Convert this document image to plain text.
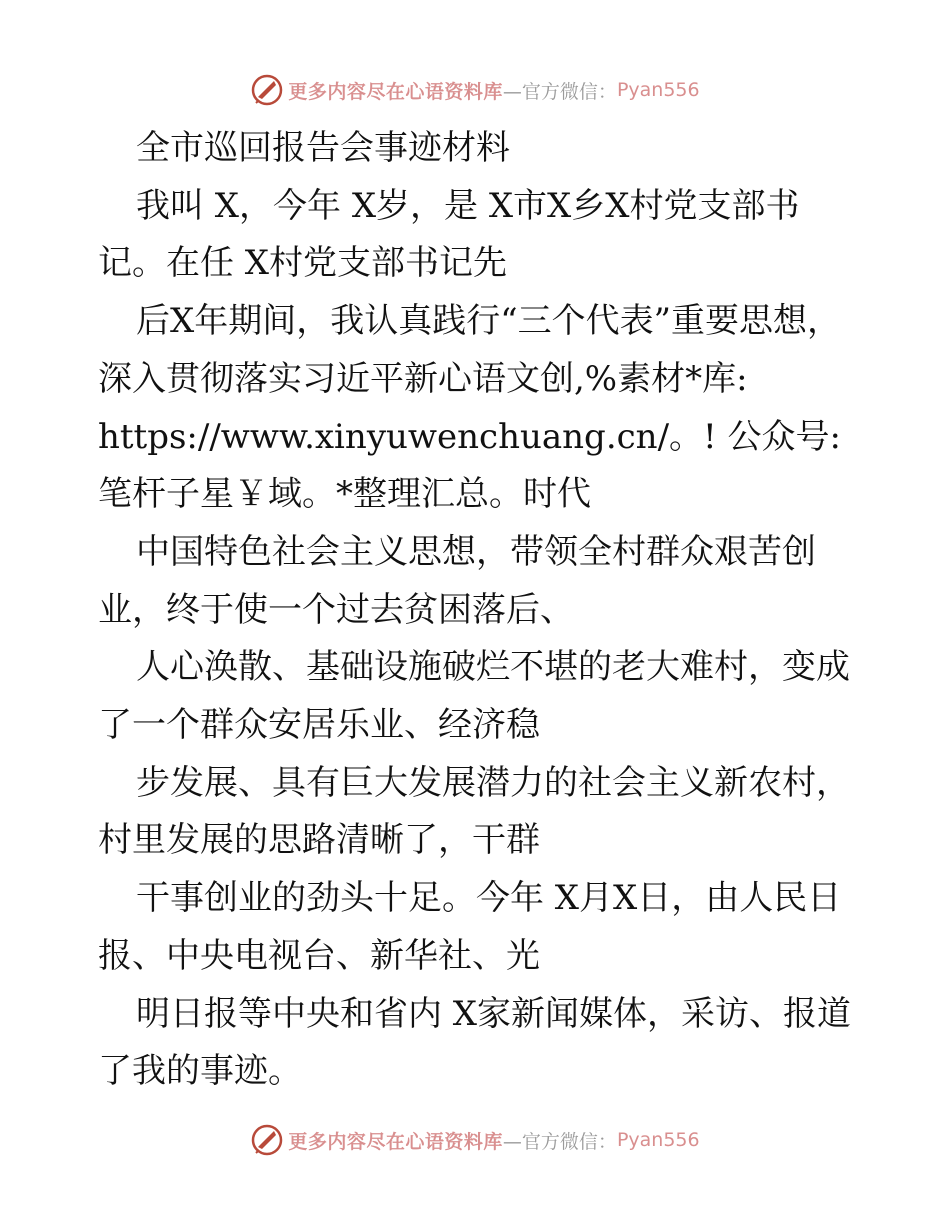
更多内容尽在心语资料库 —官方微信： Pyan556

全市巡回报告会事迹材料

我叫 X，今年 X岁，是 X市X乡X村党支部书记。在任 X村党支部书记先

后X年期间，我认真践行“三个代表”重要思想，深入贯彻落实习近平新心语文创,%素材*库: https://www.xinyuwenchuang.cn/。! 公众号: 笔杆子星￥域。*整理汇总。时代

中国特色社会主义思想，带领全村群众艰苦创业，终于使一个过去贫困落后、

人心涣散、基础设施破烂不堪的老大难村，变成了一个群众安居乐业、经济稳

步发展、具有巨大发展潜力的社会主义新农村，村里发展的思路清晰了，干群

干事创业的劲头十足。今年 X月X日，由人民日报、中央电视台、新华社、光

明日报等中央和省内 X家新闻媒体，采访、报道了我的事迹。

更多内容尽在心语资料库 —官方微信： Pyan556
